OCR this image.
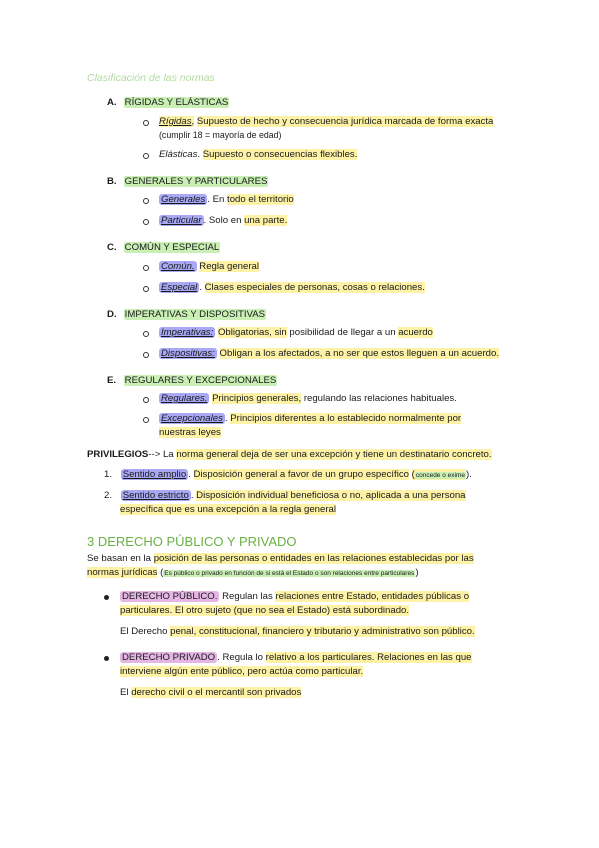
Clasificación de las normas
A. RÍGIDAS Y ELÁSTICAS
Rígidas, Supuesto de hecho y consecuencia jurídica marcada de forma exacta
(cumplir 18 = mayoría de edad)
Elásticas. Supuesto o consecuencias flexibles.
B. GENERALES Y PARTICULARES
Generales . En todo el territorio
Particular . Solo en una parte.
C. COMÚN Y ESPECIAL
Común. Regla general
Especial . Clases especiales de personas, cosas o relaciones.
D. IMPERATIVAS Y DISPOSITIVAS
Imperativas: Obligatorias, sin posibilidad de llegar a un acuerdo
Dispositivas: Obligan a los afectados, a no ser que estos lleguen a un acuerdo.
E. REGULARES Y EXCEPCIONALES
Regulares. Principios generales, regulando las relaciones habituales.
Excepcionales . Principios diferentes a lo establecido normalmente por
nuestras leyes
PRIVILEGIOS--> La norma general deja de ser una excepción y tiene un destinatario concreto.
1. Sentido amplio . Disposición general a favor de un grupo específico (concede o exime).
2. Sentido estricto . Disposición individual beneficiosa o no, aplicada a una persona
específica que es una excepción a la regla general
3 DERECHO PÚBLICO Y PRIVADO
Se basan en la posición de las personas o entidades en las relaciones establecidas por las
normas jurídicas (Es público o privado en función de si está el Estado o son relaciones entre particulares)
DERECHO PÚBLICO. Regulan las relaciones entre Estado, entidades públicas o
particulares. El otro sujeto (que no sea el Estado) está subordinado.
El Derecho penal, constitucional, financiero y tributario y administrativo son público.
DERECHO PRIVADO . Regula lo relativo a los particulares. Relaciones en las que
interviene algún ente público, pero actúa como particular.
El derecho civil o el mercantil son privados
